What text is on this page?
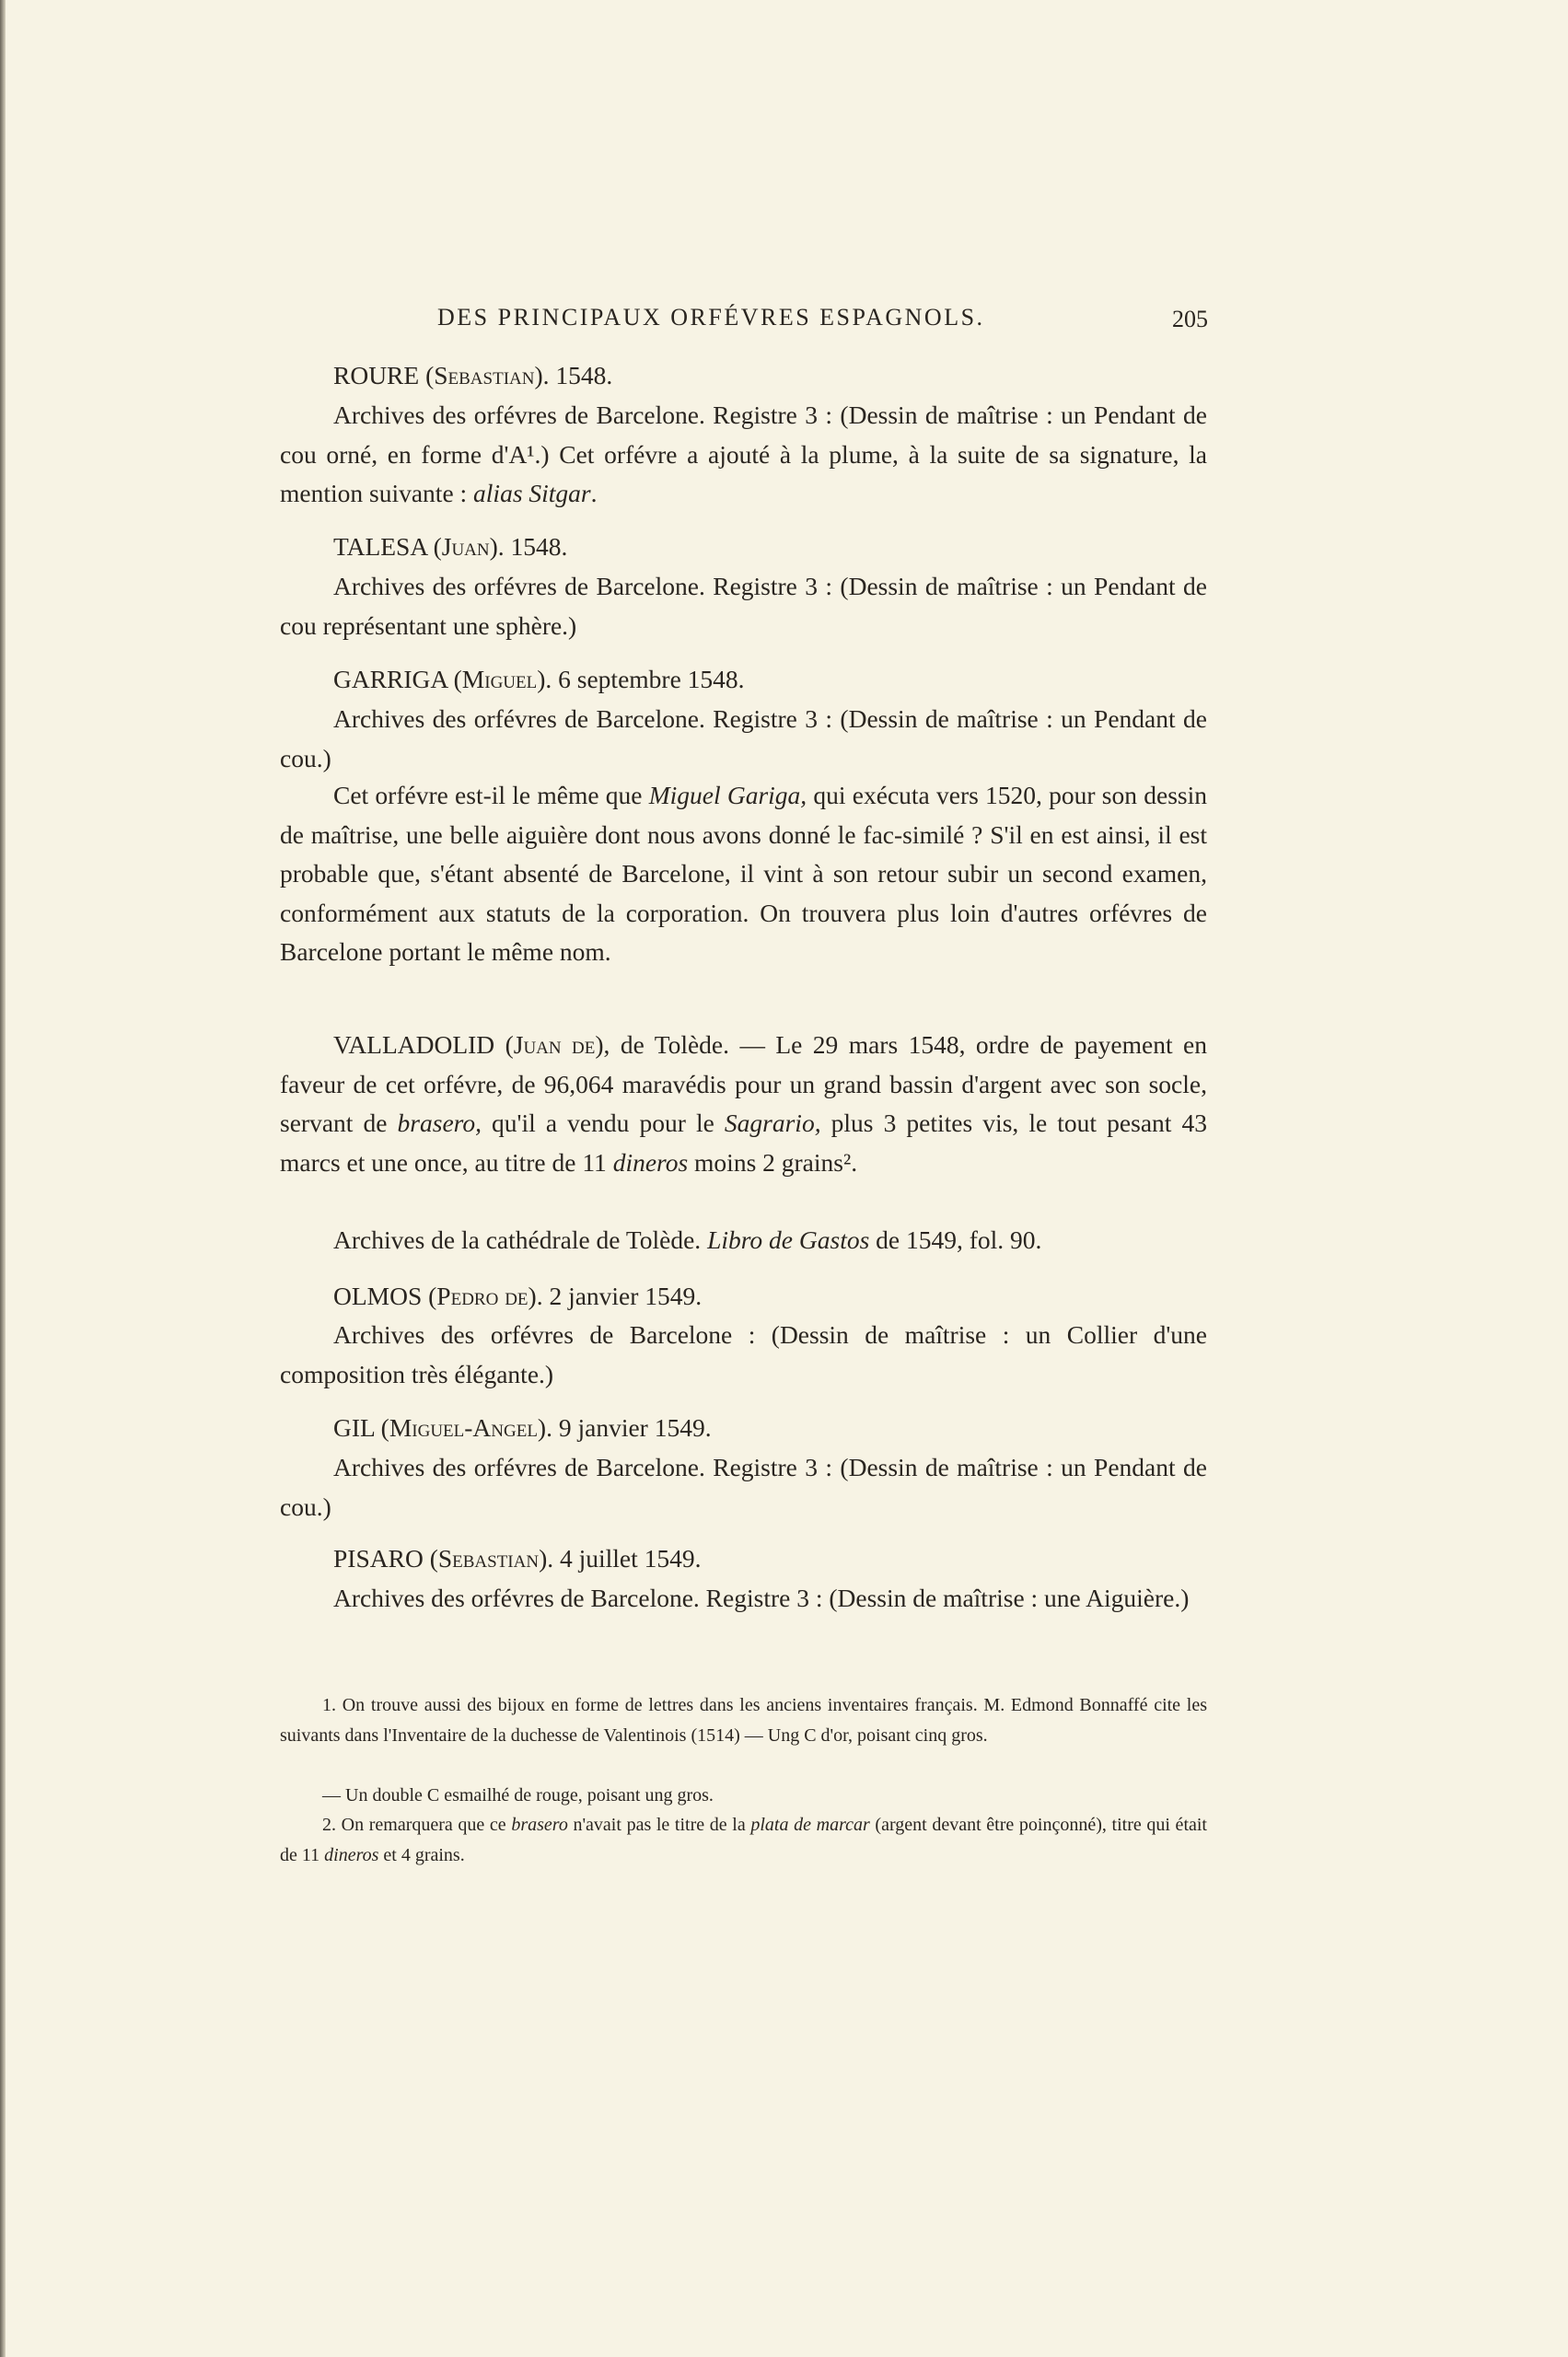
DES PRINCIPAUX ORFÉVRES ESPAGNOLS.	205
ROURE (Sebastian). 1548.
Archives des orfévres de Barcelone. Registre 3 : (Dessin de maîtrise : un Pendant de cou orné, en forme d'A¹.) Cet orfévre a ajouté à la plume, à la suite de sa signature, la mention suivante : alias Sitgar.
TALESA (Juan). 1548.
Archives des orfévres de Barcelone. Registre 3 : (Dessin de maîtrise : un Pendant de cou représentant une sphère.)
GARRIGA (Miguel). 6 septembre 1548.
Archives des orfévres de Barcelone. Registre 3 : (Dessin de maîtrise : un Pendant de cou.)
Cet orfévre est-il le même que Miguel Gariga, qui exécuta vers 1520, pour son dessin de maîtrise, une belle aiguière dont nous avons donné le fac-similé ? S'il en est ainsi, il est probable que, s'étant absenté de Barcelone, il vint à son retour subir un second examen, conformément aux statuts de la corporation. On trouvera plus loin d'autres orfévres de Barcelone portant le même nom.
VALLADOLID (Juan de), de Tolède. — Le 29 mars 1548, ordre de payement en faveur de cet orfévre, de 96,064 maravédis pour un grand bassin d'argent avec son socle, servant de brasero, qu'il a vendu pour le Sagrario, plus 3 petites vis, le tout pesant 43 marcs et une once, au titre de 11 dineros moins 2 grains².
Archives de la cathédrale de Tolède. Libro de Gastos de 1549, fol. 90.
OLMOS (Pedro de). 2 janvier 1549.
Archives des orfévres de Barcelone : (Dessin de maîtrise : un Collier d'une composition très élégante.)
GIL (Miguel-Angel). 9 janvier 1549.
Archives des orfévres de Barcelone. Registre 3 : (Dessin de maîtrise : un Pendant de cou.)
PISARO (Sebastian). 4 juillet 1549.
Archives des orfévres de Barcelone. Registre 3 : (Dessin de maîtrise : une Aiguière.)
1. On trouve aussi des bijoux en forme de lettres dans les anciens inventaires français. M. Edmond Bonnaffé cite les suivants dans l'Inventaire de la duchesse de Valentinois (1514) — Ung C d'or, poisant cinq gros.
— Un double C esmailhé de rouge, poisant ung gros.
2. On remarquera que ce brasero n'avait pas le titre de la plata de marcar (argent devant être poinçonné), titre qui était de 11 dineros et 4 grains.
